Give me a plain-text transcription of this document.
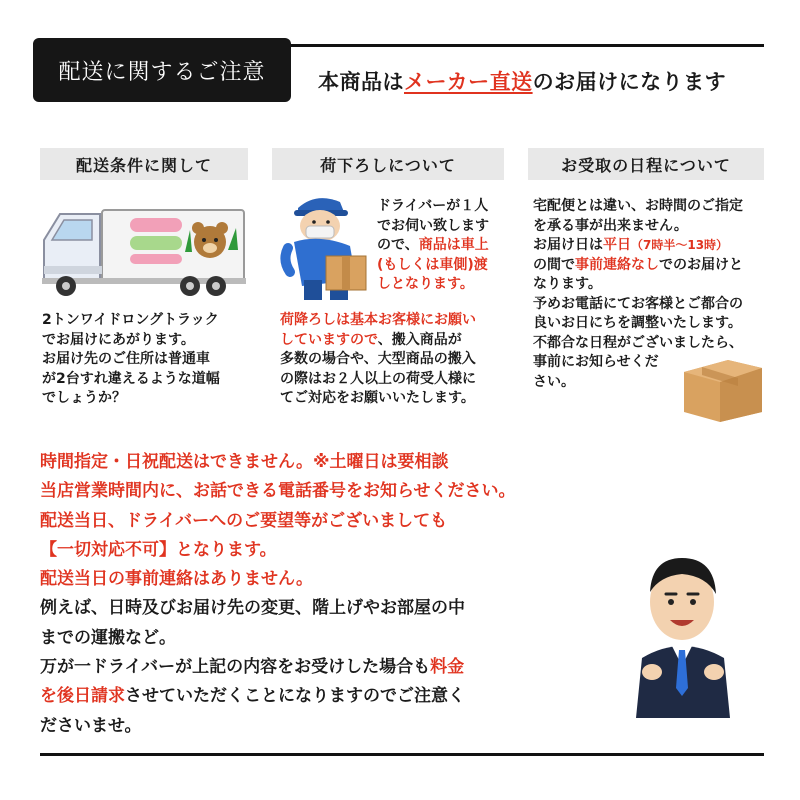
配送に関するご注意	本商品はメーカー直送のお届けになります
配送条件に関して	荷下ろしについて	お受取の日程について
2トンワイドロングトラック
でお届けにあがります。
お届け先のご住所は普通車
が2台すれ違えるような道幅
でしょうか？
ドライバーが１人
でお伺い致します
ので、商品は車上
(もしくは車側)渡
しとなります。
荷降ろしは基本お客様にお願い
していますので、搬入商品が
多数の場合や、大型商品の搬入
の際はお２人以上の荷受人様に
てご対応をお願いいたします。
宅配便とは違い、お時間のご指定
を承る事が出来ません。
お届け日は平日（7時半〜13時）
の間で事前連絡なしでのお届けと
なります。
予めお電話にてお客様とご都合の
良いお日にちを調整いたします。
不都合な日程がございましたら、
事前にお知らせくだ
さい。
時間指定・日祝配送はできません。※土曜日は要相談
当店営業時間内に、お話できる電話番号をお知らせください。
配送当日、ドライバーへのご要望等がございましても
【一切対応不可】となります。
配送当日の事前連絡はありません。
例えば、日時及びお届け先の変更、階上げやお部屋の中
までの運搬など。
万が一ドライバーが上記の内容をお受けした場合も料金
を後日請求させていただくことになりますのでご注意く
ださいませ。
